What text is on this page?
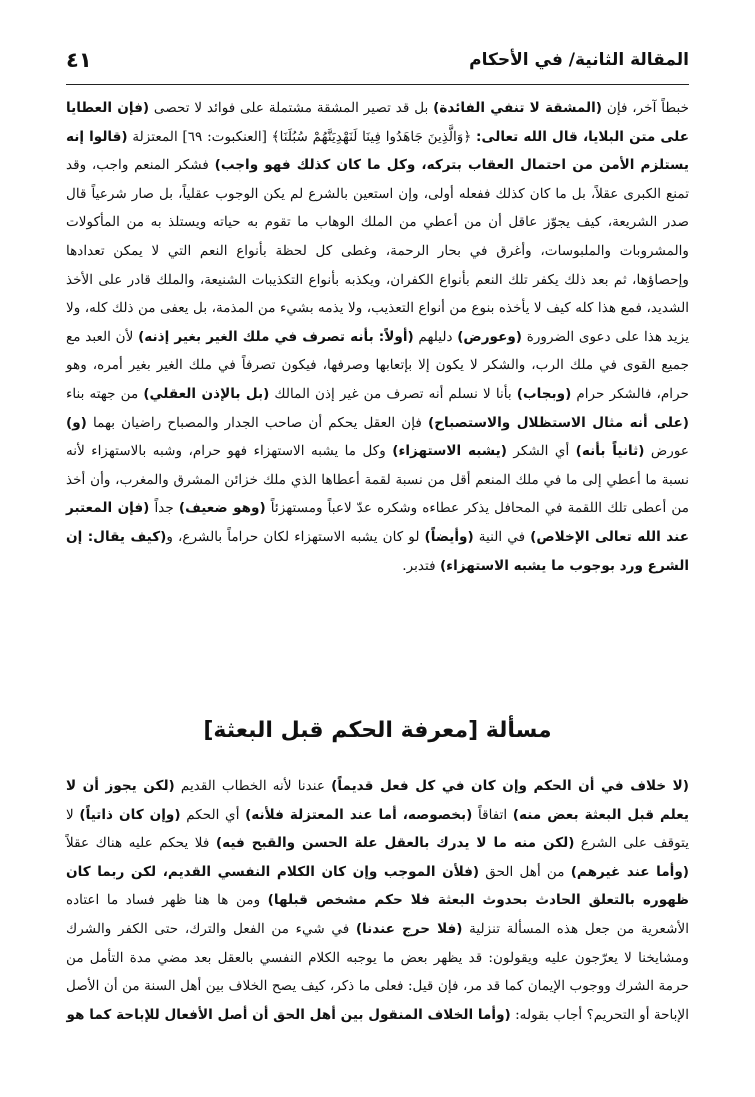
المقالة الثانية/ في الأحكام
٤١

خبطاً آخر، فإن (المشقة لا تنفي الفائدة) بل قد تصير المشقة مشتملة على فوائد لا تحصى (فإن العطايا على متن البلايا، قال الله تعالى: ﴿وَالَّذِينَ جَاهَدُوا فِينَا لَنَهْدِيَنَّهُمْ سُبُلَنَا﴾ [العنكبوت: ٦٩] المعتزلة (قالوا إنه يستلزم الأمن من احتمال العقاب بتركه، وكل ما كان كذلك فهو واجب) فشكر المنعم واجب، وقد تمنع الكبرى عقلاً، بل ما كان كذلك ففعله أولى، وإن استعين بالشرع لم يكن الوجوب عقلياً، بل صار شرعياً قال صدر الشريعة، كيف يجوّز عاقل أن من أعطي من الملك الوهاب ما تقوم به حياته ويستلذ به من المأكولات والمشروبات والملبوسات، وأغرق في بحار الرحمة، وغطى كل لحظة بأنواع النعم التي لا يمكن تعدادها وإحصاؤها، ثم بعد ذلك يكفر تلك النعم بأنواع الكفران، ويكذبه بأنواع التكذيبات الشنيعة، والملك قادر على الأخذ الشديد، فمع هذا كله كيف لا يأخذه بنوع من أنواع التعذيب، ولا يذمه بشيء من المذمة، بل يعفى من ذلك كله، ولا يزيد هذا على دعوى الضرورة (وعورض) دليلهم (أولاً: بأنه تصرف في ملك الغير بغير إذنه) لأن العبد مع جميع القوى في ملك الرب، والشكر لا يكون إلا بإتعابها وصرفها، فيكون تصرفاً في ملك الغير بغير أمره، وهو حرام، فالشكر حرام (وبجاب) بأنا لا نسلم أنه تصرف من غير إذن المالك (بل بالإذن العقلي) من جهته بناء (على أنه مثال الاستظلال والاستصباح) فإن العقل يحكم أن صاحب الجدار والمصباح راضيان بهما (و) عورض (ثانياً بأنه) أي الشكر (يشبه الاستهزاء) وكل ما يشبه الاستهزاء فهو حرام، وشبه بالاستهزاء لأنه نسبة ما أعطي إلى ما في ملك المنعم أقل من نسبة لقمة أعطاها الذي ملك خزائن المشرق والمغرب، وأن أخذ من أعطى تلك اللقمة في المحافل يذكر عطاءه وشكره عدّ لاعباً ومستهزئاً (وهو ضعيف) جداً (فإن المعتبر عند الله تعالى الإخلاص) في النية (وأيضاً) لو كان يشبه الاستهزاء لكان حراماً بالشرع، و(كيف يقال: إن الشرع ورد بوجوب ما يشبه الاستهزاء) فتدبر.

مسألة [معرفة الحكم قبل البعثة]

(لا خلاف في أن الحكم وإن كان في كل فعل قديماً) عندنا لأنه الخطاب القديم (لكن يجوز أن لا يعلم قبل البعثة بعض منه) اتفاقاً (بخصوصه، أما عند المعتزلة فلأنه) أي الحكم (وإن كان ذاتياً) لا يتوقف على الشرع (لكن منه ما لا يدرك بالعقل علة الحسن والقبح فيه) فلا يحكم عليه هناك عقلاً (وأما عند غيرهم) من أهل الحق (فلأن الموجب وإن كان الكلام النفسي القديم، لكن ربما كان ظهوره بالتعلق الحادث بحدوث البعثة فلا حكم مشخص قبلها) ومن ها هنا ظهر فساد ما اعتاده الأشعرية من جعل هذه المسألة تنزلية (فلا حرج عندنا) في شيء من الفعل والترك، حتى الكفر والشرك ومشايخنا لا يعرّجون عليه ويقولون: قد يظهر بعض ما يوجبه الكلام النفسي بالعقل بعد مضي مدة التأمل من حرمة الشرك ووجوب الإيمان كما قد مر، فإن قيل: فعلى ما ذكر، كيف يصح الخلاف بين أهل السنة من أن الأصل الإباحة أو التحريم؟ أجاب بقوله: (وأما الخلاف المنقول بين أهل الحق أن أصل الأفعال للإباحة كما هو
